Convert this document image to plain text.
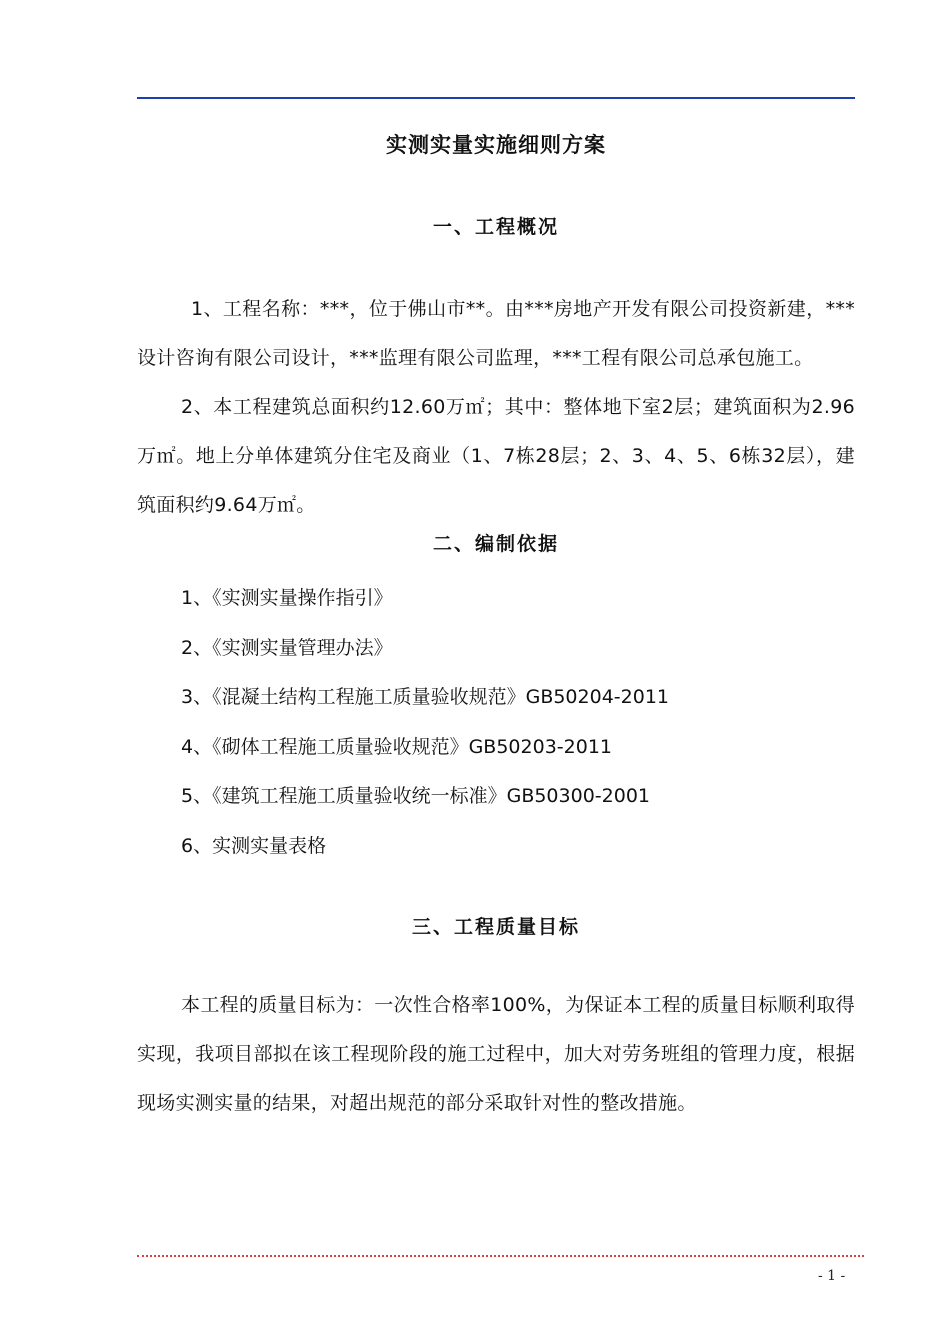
实测实量实施细则方案
一、工程概况

1、工程名称：***，位于佛山市**。由***房地产开发有限公司投资新建，***设计咨询有限公司设计，***监理有限公司监理，***工程有限公司总承包施工。

2、本工程建筑总面积约12.60万㎡；其中：整体地下室2层；建筑面积为2.96万㎡。地上分单体建筑分住宅及商业（1、7栋28层；2、3、4、5、6栋32层），建筑面积约9.64万㎡。

二、编制依据
1、《实测实量操作指引》
2、《实测实量管理办法》
3、《混凝土结构工程施工质量验收规范》GB50204-2011
4、《砌体工程施工质量验收规范》GB50203-2011
5、《建筑工程施工质量验收统一标准》GB50300-2001
6、实测实量表格
三、工程质量目标

本工程的质量目标为：一次性合格率100%，为保证本工程的质量目标顺利取得实现，我项目部拟在该工程现阶段的施工过程中，加大对劳务班组的管理力度，根据现场实测实量的结果，对超出规范的部分采取针对性的整改措施。

- 1 -
